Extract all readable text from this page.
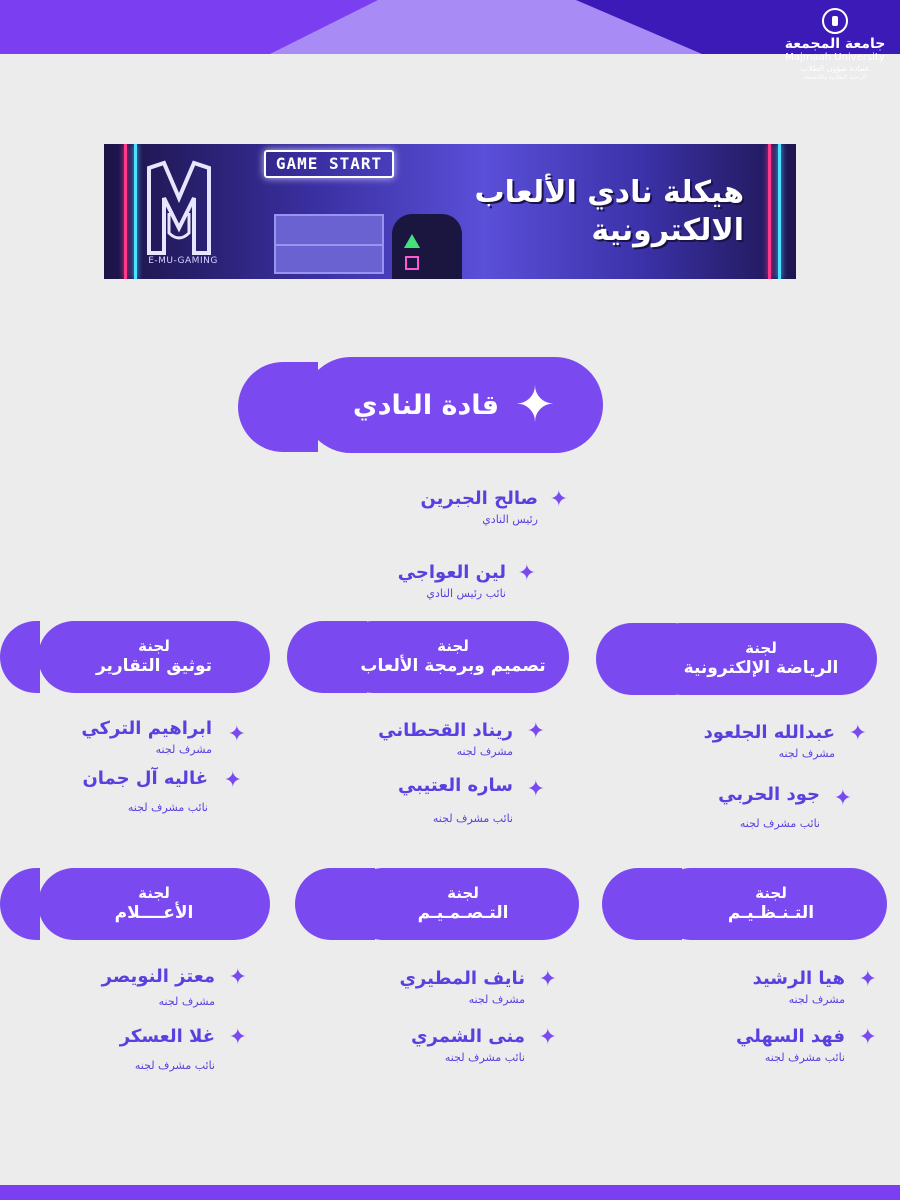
جامعة المجمعة
Majmaah University
عمادة شؤون الطلاب
الرعاية الطلابية والأنشطة
E-MU-GAMING
GAME START
هيكلة نادي الألعاب
الالكترونية
✦
قادة النادي
✦
صالح الجبرين
رئيس النادي
✦
لين العواجي
نائب رئيس النادي
لجنة
الرياضة الإلكترونية
لجنة
تصميم وبرمجة الألعاب
لجنة
توثيق التقارير
✦
عبدالله الجلعود
مشرف لجنه
✦
جود الحربي
نائب مشرف لجنه
✦
ريناد القحطاني
مشرف لجنه
✦
ساره العتيبي
نائب مشرف لجنه
✦
ابراهيم التركي
مشرف لجنه
✦
غاليه آل جمان
نائب مشرف لجنه
لجنة
التـنـظـيـم
لجنة
التـصـمـيـم
لجنة
الأعــــلام
✦
هيا الرشيد
مشرف لجنه
✦
فهد السهلي
نائب مشرف لجنه
✦
نايف المطيري
مشرف لجنه
✦
منى الشمري
نائب مشرف لجنه
✦
معتز النويصر
مشرف لجنه
✦
غلا العسكر
نائب مشرف لجنه
